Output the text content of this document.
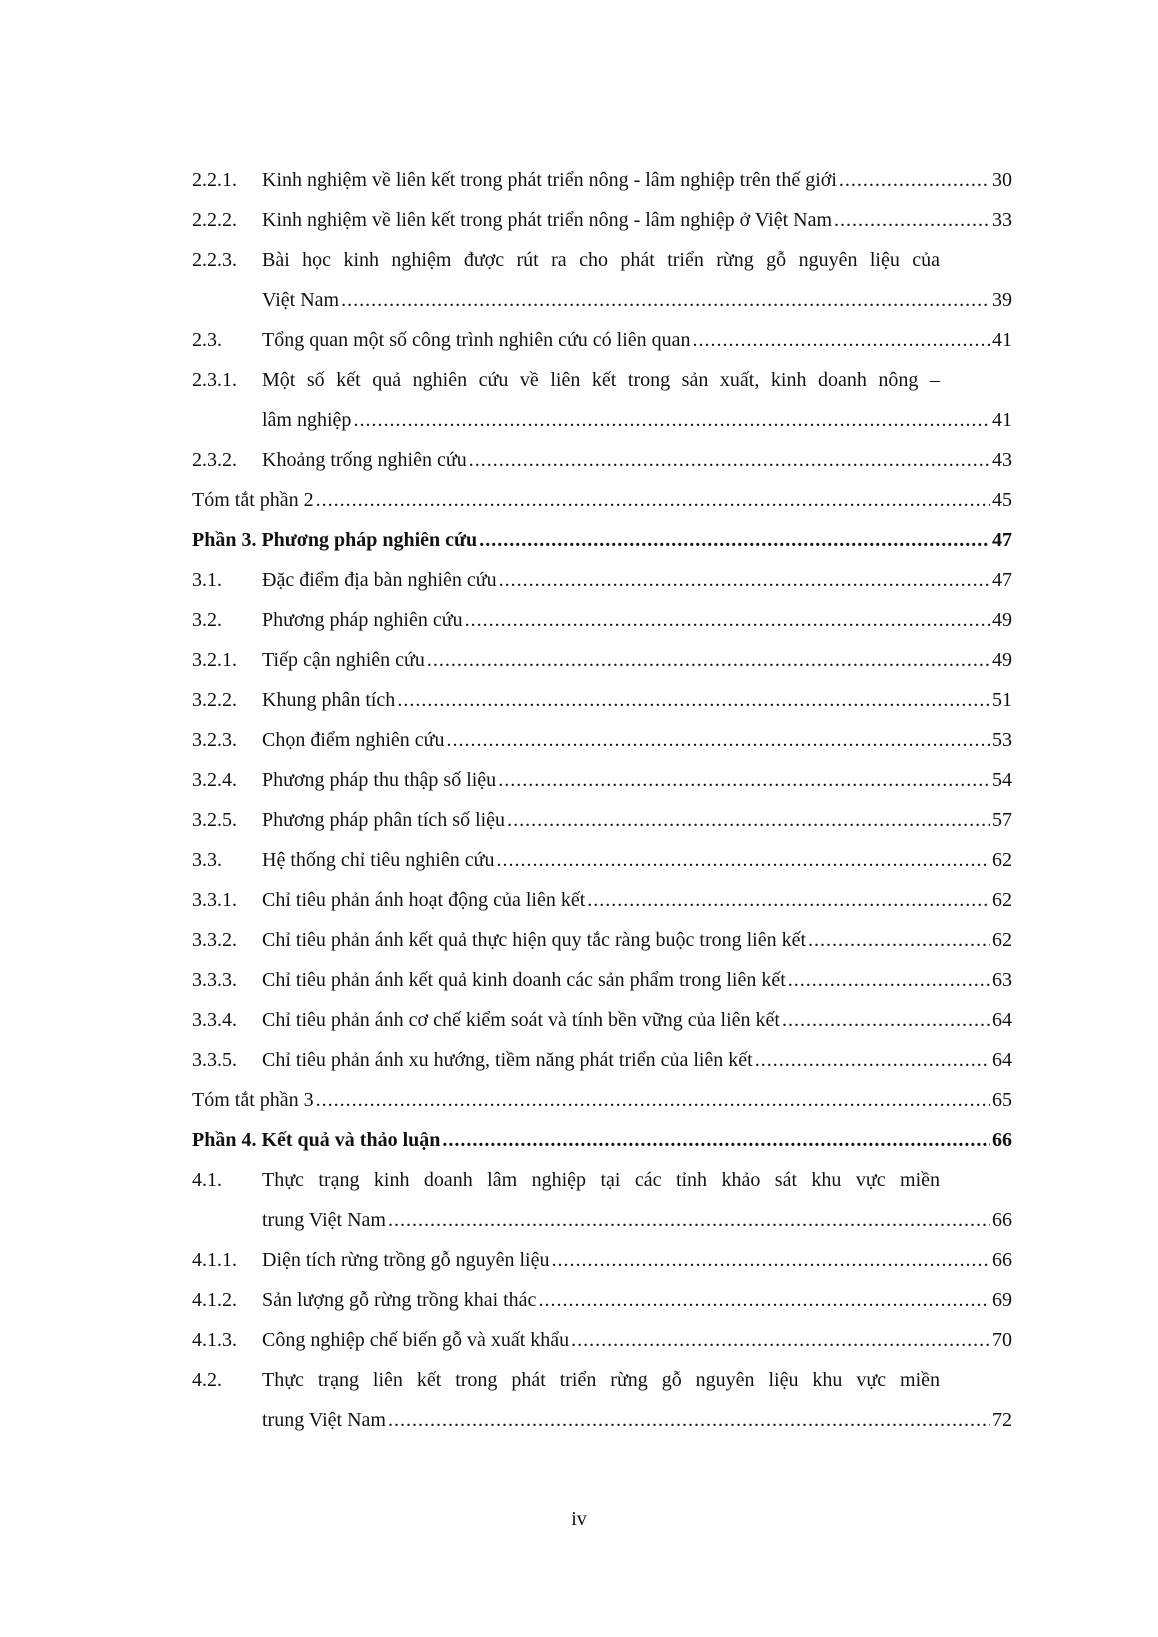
2.2.1. Kinh nghiệm về liên kết trong phát triển nông - lâm nghiệp trên thế giới .....	30
2.2.2. Kinh nghiệm về liên kết trong phát triển nông - lâm nghiệp ở Việt Nam .....	33
2.2.3. Bài học kinh nghiệm được rút ra cho phát triển rừng gỗ nguyên liệu của
Việt Nam .....	39
2.3. Tổng quan một số công trình nghiên cứu có liên quan .....	41
2.3.1. Một số kết quả nghiên cứu về liên kết trong sản xuất, kinh doanh nông –
lâm nghiệp .....	41
2.3.2. Khoảng trống nghiên cứu .....	43
Tóm tắt phần 2 .....	45
Phần 3. Phương pháp nghiên cứu .....	47
3.1. Đặc điểm địa bàn nghiên cứu .....	47
3.2. Phương pháp nghiên cứu .....	49
3.2.1. Tiếp cận nghiên cứu .....	49
3.2.2. Khung phân tích .....	51
3.2.3. Chọn điểm nghiên cứu .....	53
3.2.4. Phương pháp thu thập số liệu .....	54
3.2.5. Phương pháp phân tích số liệu .....	57
3.3. Hệ thống chỉ tiêu nghiên cứu .....	62
3.3.1. Chỉ tiêu phản ánh hoạt động của liên kết .....	62
3.3.2. Chỉ tiêu phản ánh kết quả thực hiện quy tắc ràng buộc trong liên kết .....	62
3.3.3. Chỉ tiêu phản ánh kết quả kinh doanh các sản phẩm trong liên kết .....	63
3.3.4. Chỉ tiêu phản ánh cơ chế kiểm soát và tính bền vững của liên kết .....	64
3.3.5. Chỉ tiêu phản ánh xu hướng, tiềm năng phát triển của liên kết .....	64
Tóm tắt phần 3 .....	65
Phần 4. Kết quả và thảo luận .....	66
4.1. Thực trạng kinh doanh lâm nghiệp tại các tỉnh khảo sát khu vực miền
trung Việt Nam .....	66
4.1.1. Diện tích rừng trồng gỗ nguyên liệu .....	66
4.1.2. Sản lượng gỗ rừng trồng khai thác .....	69
4.1.3. Công nghiệp chế biến gỗ và xuất khẩu .....	70
4.2. Thực trạng liên kết trong phát triển rừng gỗ nguyên liệu khu vực miền
trung Việt Nam .....	72
iv
